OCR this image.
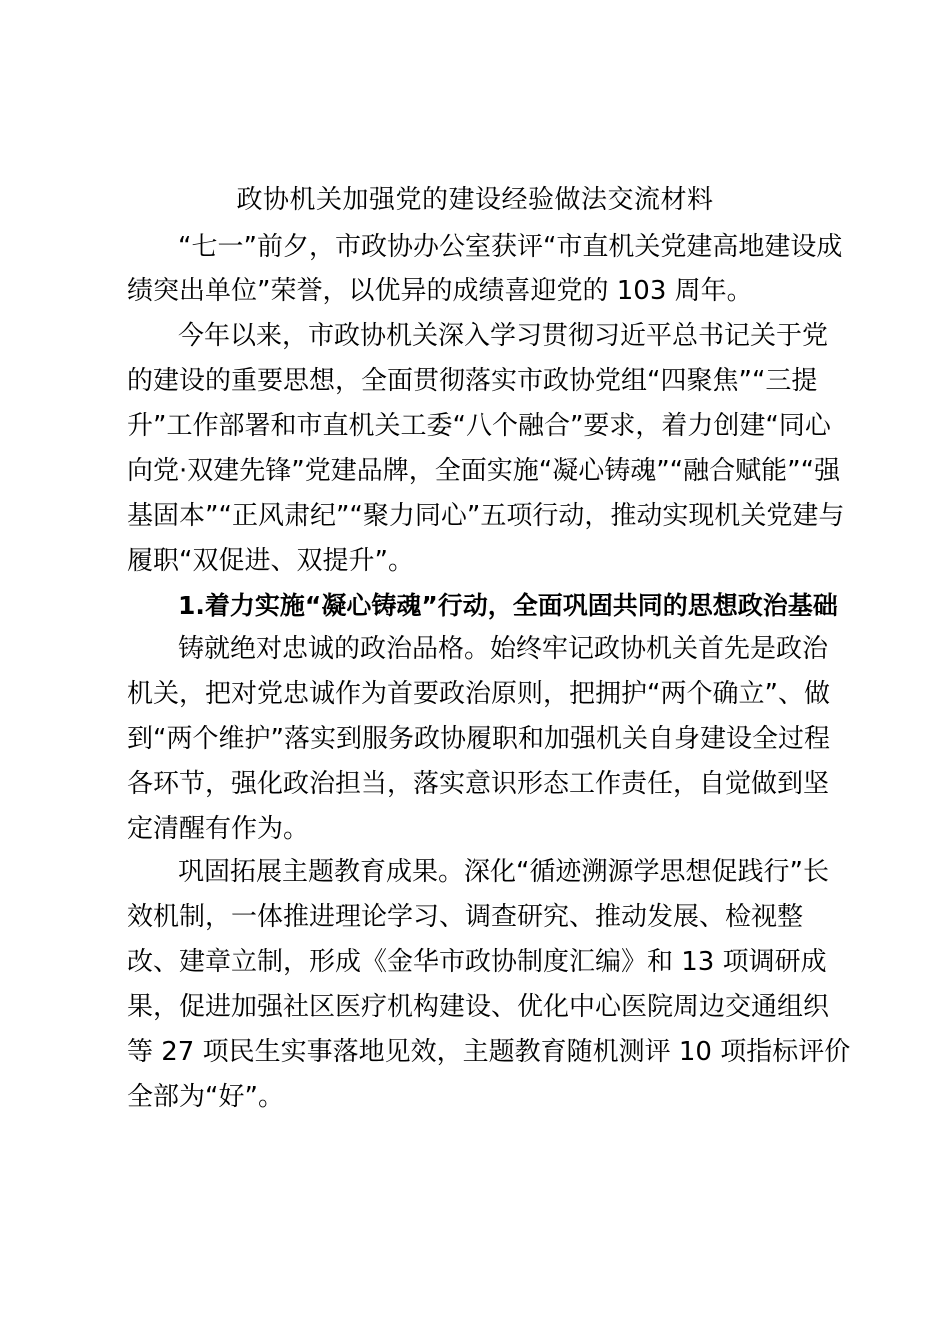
政协机关加强党的建设经验做法交流材料
“七一”前夕，市政协办公室获评“市直机关党建高地建设成
绩突出单位”荣誉，以优异的成绩喜迎党的 103 周年。
今年以来，市政协机关深入学习贯彻习近平总书记关于党
的建设的重要思想，全面贯彻落实市政协党组“四聚焦”“三提
升”工作部署和市直机关工委“八个融合”要求，着力创建“同心
向党·双建先锋”党建品牌，全面实施“凝心铸魂”“融合赋能”“强
基固本”“正风肃纪”“聚力同心”五项行动，推动实现机关党建与
履职“双促进、双提升”。
1.着力实施“凝心铸魂”行动，全面巩固共同的思想政治基础
铸就绝对忠诚的政治品格。始终牢记政协机关首先是政治
机关，把对党忠诚作为首要政治原则，把拥护“两个确立”、做
到“两个维护”落实到服务政协履职和加强机关自身建设全过程
各环节，强化政治担当，落实意识形态工作责任，自觉做到坚
定清醒有作为。
巩固拓展主题教育成果。深化“循迹溯源学思想促践行”长
效机制，一体推进理论学习、调查研究、推动发展、检视整
改、建章立制，形成《金华市政协制度汇编》和 13 项调研成
果，促进加强社区医疗机构建设、优化中心医院周边交通组织
等 27 项民生实事落地见效，主题教育随机测评 10 项指标评价
全部为“好”。
